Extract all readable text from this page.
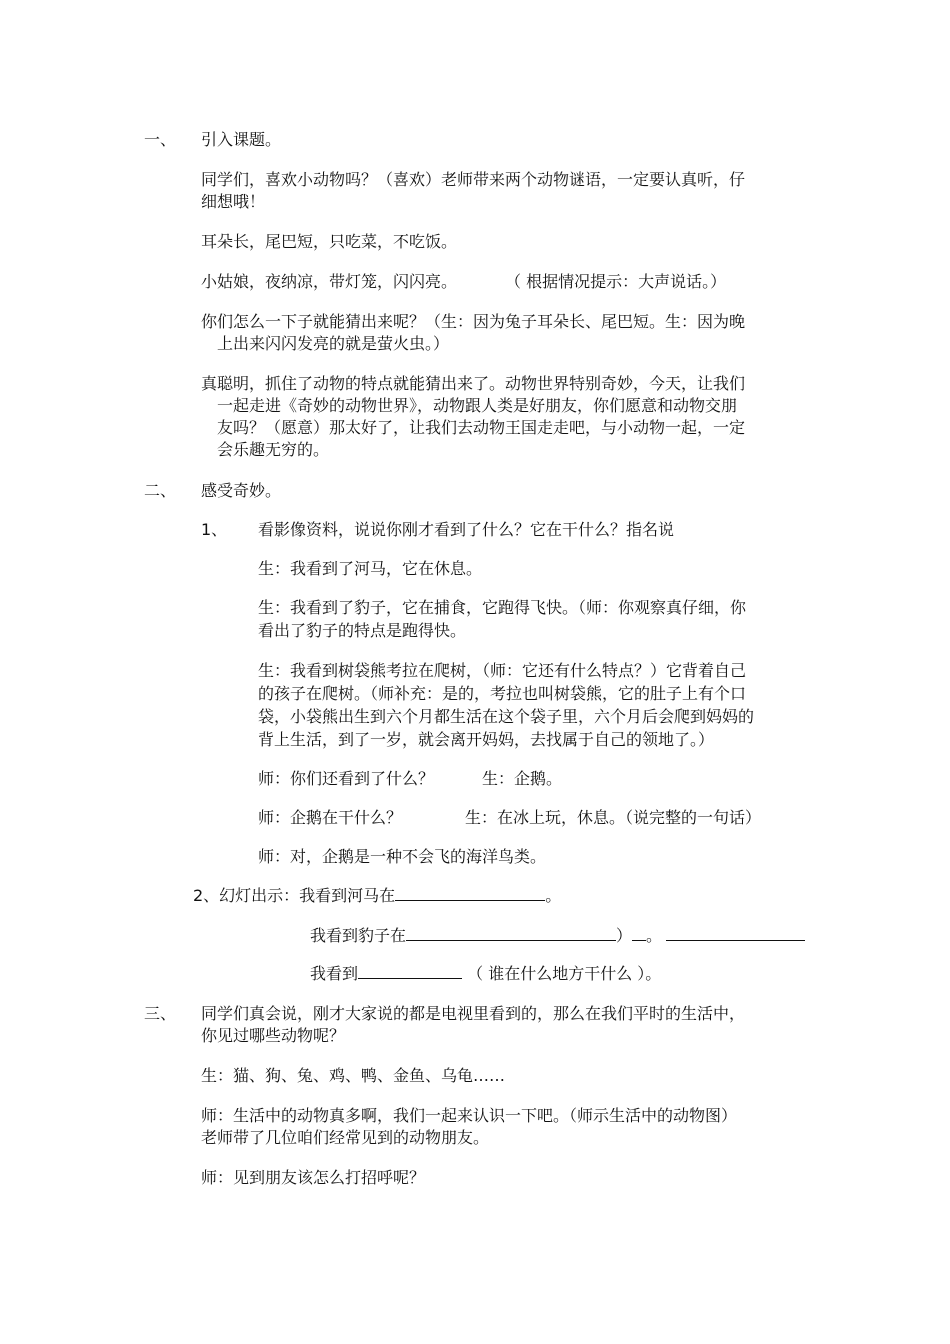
一、 引入课题。
同学们，喜欢小动物吗？（喜欢）老师带来两个动物谜语，一定要认真听，仔
细想哦！
耳朵长，尾巴短，只吃菜，不吃饭。
小姑娘，夜纳凉，带灯笼，闪闪亮。	（ 根据情况提示：大声说话。）
你们怎么一下子就能猜出来呢？（生：因为兔子耳朵长、尾巴短。生：因为晚
上出来闪闪发亮的就是萤火虫。）
真聪明，抓住了动物的特点就能猜出来了。动物世界特别奇妙，今天，让我们
一起走进《奇妙的动物世界》，动物跟人类是好朋友，你们愿意和动物交朋
友吗？（愿意）那太好了，让我们去动物王国走走吧，与小动物一起，一定
会乐趣无穷的。
二、 感受奇妙。
1、 看影像资料，说说你刚才看到了什么？它在干什么？指名说
生：我看到了河马，它在休息。
生：我看到了豹子，它在捕食，它跑得飞快。（师：你观察真仔细，你
看出了豹子的特点是跑得快。
生：我看到树袋熊考拉在爬树，（师：它还有什么特点？）它背着自己
的孩子在爬树。（师补充：是的，考拉也叫树袋熊，它的肚子上有个口
袋，小袋熊出生到六个月都生活在这个袋子里，六个月后会爬到妈妈的
背上生活，到了一岁，就会离开妈妈，去找属于自己的领地了。）
师：你们还看到了什么？	生：企鹅。
师：企鹅在干什么？	生：在冰上玩，休息。（说完整的一句话）
师：对，企鹅是一种不会飞的海洋鸟类。
2、幻灯出示：我看到河马在	。
我看到豹子在	） 。
我看到	（ 谁在什么地方干什么 ）。
三、 同学们真会说，刚才大家说的都是电视里看到的，那么在我们平时的生活中，
你见过哪些动物呢？
生：猫、狗、兔、鸡、鸭、金鱼、乌龟……
师：生活中的动物真多啊，我们一起来认识一下吧。（师示生活中的动物图）
老师带了几位咱们经常见到的动物朋友。
师：见到朋友该怎么打招呼呢？
